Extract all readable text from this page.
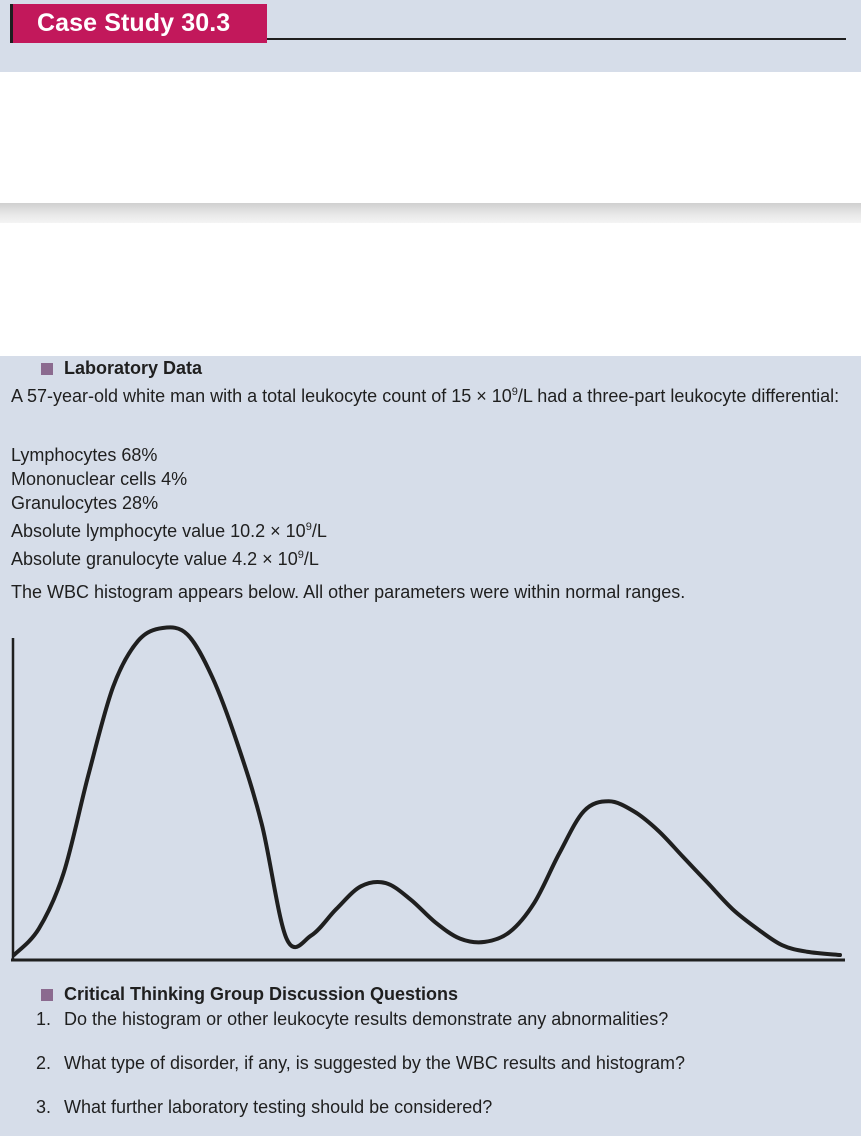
Case Study 30.3
Laboratory Data
A 57-year-old white man with a total leukocyte count of $15 \times 10^9/L$ had a three-part leukocyte differential:
Lymphocytes 68%
Mononuclear cells 4%
Granulocytes 28%
Absolute lymphocyte value $10.2 \times 10^9/L$
Absolute granulocyte value $4.2 \times 10^9/L$
The WBC histogram appears below. All other parameters were within normal ranges.
Critical Thinking Group Discussion Questions
1. Do the histogram or other leukocyte results demonstrate any abnormalities?
2. What type of disorder, if any, is suggested by the WBC results and histogram?
3. What further laboratory testing should be considered?
